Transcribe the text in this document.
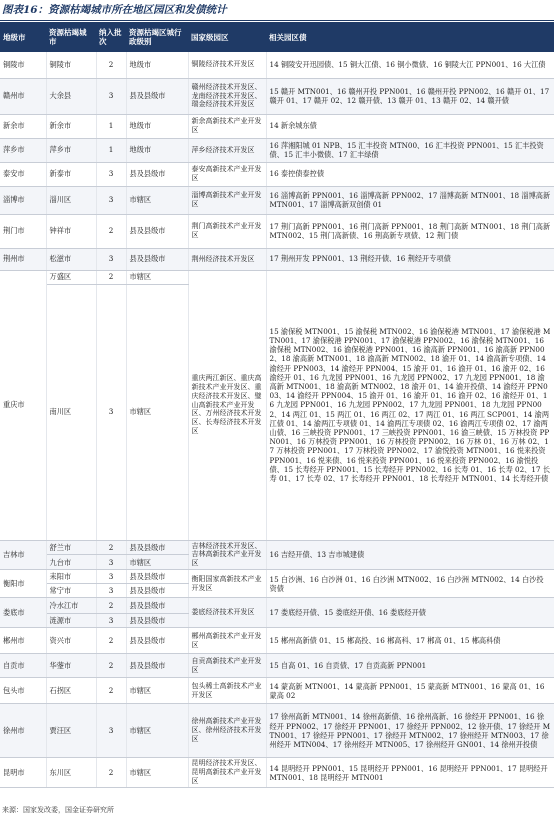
图表16：资源枯竭城市所在地区园区和发债统计
地级市	资源枯竭城市	纳入批次	资源枯竭区城行政级别	国家级园区	相关园区债
铜陵市	铜陵市	2	地级市	铜陵经济技术开发区	14 铜陵安开迅园债、15 铜大江债、16 铜小微债、16 铜陵大江 PPN001、16 大江债
赣州市	大余县	3	县及县级市	赣州经济技术开发区、龙南经济技术开发区、瑞金经济技术开发区	15 赣开 MTN001、16 赣州开投 PPN001、16 赣州开投 PPN002、16 赣开 01、17 赣开 01、17 赣开 02、12 赣开债、13 赣开 01、13 赣开 02、14 赣开债
新余市	新余市	1	地级市	新余高新技术产业开发区	14 新余城东债
萍乡市	萍乡市	1	地级市	萍乡经济技术开发区	16 萍湘阳城 01 NPB、15 汇丰投资 MTN00、16 汇丰投资 PPN001、15 汇丰投资债、15 汇丰小微债、17 汇丰绿债
泰安市	新泰市	3	县及县级市	泰安高新技术产业开发区	16 泰控债泰控债
淄博市	淄川区	3	市辖区	淄博高新技术产业开发区	16 淄博高新 PPN001、16 淄博高新 PPN002、17 淄博高新 MTN001、18 淄博高新 MTN001、17 淄博高新双创债 01
荆门市	钟祥市	2	县及县级市	荆门高新技术产业开发区	17 荆门高新 PPN001、16 荆门高新 PPN001、18 荆门高新 MTN001、18 荆门高新 MTN002、15 荆门高新债、16 荆高新专项债、12 荆门债
荆州市	松滋市	3	县及县级市	荆州经济技术开发区	17 荆州开发 PPN001、13 荆经开债、16 荆经开专项债
重庆市	万盛区	2	市辖区	重庆两江新区、重庆高新技术产业开发区、重庆经济技术开发区、璧山高新技术产业开发区、万州经济技术开发区、长寿经济技术开发区	15 渝保税 MTN001、15 渝保税 MTN002、16 渝保税港 MTN001、17 渝保税港 MTN001、17 渝保税港 PPN001、17 渝保税港 PPN002、16 渝保税 MTN001、16 渝保税 MTN002、16 渝保税港 PPN001、16 渝高新 PPN001、16 渝高新 PPN002、18 渝高新 MTN001、18 渝高新 MTN002、18 渝开 01、14 渝高新专项债、14 渝经开 PPN003、14 渝经开 PPN004、15 渝开 01、16 渝开 01、16 渝开 02、16 渝经开 01、16 九龙园 PPN001、16 九龙园 PPN002、17 九龙园 PPN001、18 渝高新 MTN001、18 渝高新 MTN002、18 渝开 01、14 渝开投债、14 渝经开 PPN003、14 渝经开 PPN004、15 渝开 01、16 渝开 01、16 渝开 02、16 渝经开 01、16 九龙园 PPN001、16 九龙园 PPN002、17 九龙园 PPN001、18 九龙园 PPN002、14 两江 01、15 两江 01、16 两江 02、17 两江 01、16 两江 SCP001、14 渝两江债 01、14 渝两江专项债 01、14 渝两江专项债 02、16 渝两江专项债 02、17 渝两山债、16 三峡投资 PPN001、17 三峡投资 PPN001、16 渝三峡债、15 万林投资 PPN001、16 万林投资 PPN001、16 万林投资 PPN002、16 万林 01、16 万林 02、17 万林投资 PPN001、17 万林投资 PPN002、17 渝悦投资 MTN001、16 悦来投资 PPN001、16 悦来债、16 悦来投资 PPN001、16 悦来投资 PPN002、16 渝悦投债、15 长寿经开 PPN001、15 长寿经开 PPN002、16 长寿 01、16 长寿 02、17 长寿 01、17 长寿 02、17 长寿经开 PPN001、18 长寿经开 MTN001、14 长寿经开债
	南川区	3	市辖区		
吉林市	舒兰市	2	县及县级市	吉林经济技术开发区、吉林高新技术产业开发区	16 吉经开债、13 吉市城建债
	九台市	3	市辖区		
衡阳市	耒阳市	3	县及县级市	衡阳国家高新技术产业开发区	15 白沙洲、16 白沙洲 01、16 白沙洲 MTN002、16 白沙洲 MTN002、14 白沙投资债
	常宁市	3	县及县级市		
娄底市	冷水江市	2	县及县级市	娄底经济技术开发区	17 娄底经开债、15 娄底经开债、16 娄底经开债
	涟源市	3	县及县级市		
郴州市	资兴市	2	县及县级市	郴州高新技术产业开发区	15 郴州高新债 01、15 郴高投、16 郴高科、17 郴高 01、15 郴高科债
自贡市	华蓥市	2	县及县级市	自贡高新技术产业开发区	15 自高 01、16 自贡债、17 自贡高新 PPN001
包头市	石拐区	2	市辖区	包头稀土高新技术产业开发区	14 蒙高新 MTN001、14 蒙高新 PPN001、15 蒙高新 MTN001、16 蒙高 01、16 蒙高 02
徐州市	贾汪区	3	市辖区	徐州高新技术产业开发区、徐州经济技术开发区	17 徐州高新 MTN001、14 徐州高新债、16 徐州高新、16 徐经开 PPN001、16 徐经开 PPN002、17 徐经开 PPN001、17 徐经开 PPN002、12 徐开债、17 徐经开 MTN001、17 徐经开 PPN001、17 徐经开 MTN002、17 徐州经开 MTN003、17 徐州经开 MTN004、17 徐州经开 MTN005、17 徐州经开 GN001、14 徐州开投债
昆明市	东川区	2	市辖区	昆明经济技术开发区、昆明高新技术产业开发区	14 昆明经开 PPN001、15 昆明经开 PPN001、16 昆明经开 PPN001、17 昆明经开 MTN001、18 昆明经开 MTN001
来源：国家发改委，国金证券研究所
